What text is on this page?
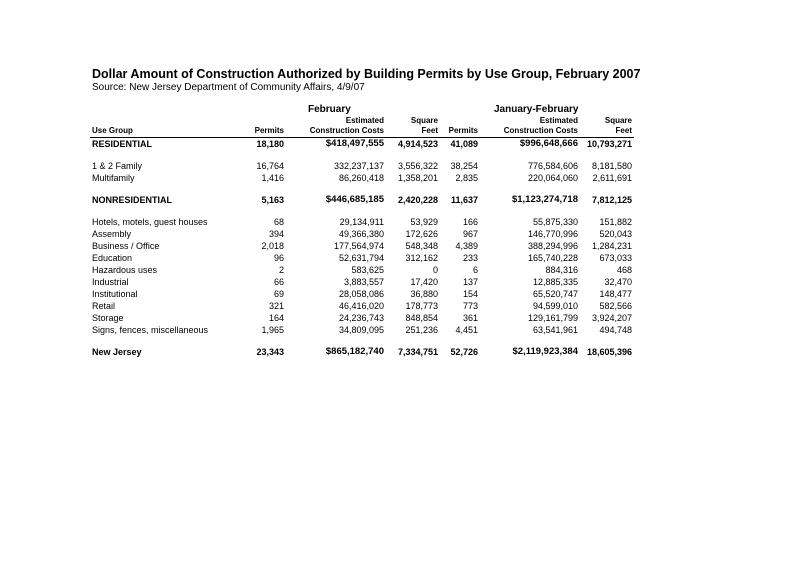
Dollar Amount of Construction Authorized by Building Permits by Use Group, February 2007
Source: New Jersey Department of Community Affairs, 4/9/07
February	January-February
		Estimated	Square		Estimated	Square
Use Group	Permits	Construction Costs	Feet	Permits	Construction Costs	Feet
RESIDENTIAL	18,180	$418,497,555	4,914,523	41,089	$996,648,666	10,793,271

1 & 2 Family	16,764	332,237,137	3,556,322	38,254	776,584,606	8,181,580
Multifamily	1,416	86,260,418	1,358,201	2,835	220,064,060	2,611,691

NONRESIDENTIAL	5,163	$446,685,185	2,420,228	11,637	$1,123,274,718	7,812,125

Hotels, motels, guest houses	68	29,134,911	53,929	166	55,875,330	151,882
Assembly	394	49,366,380	172,626	967	146,770,996	520,043
Business / Office	2,018	177,564,974	548,348	4,389	388,294,996	1,284,231
Education	96	52,631,794	312,162	233	165,740,228	673,033
Hazardous uses	2	583,625	0	6	884,316	468
Industrial	66	3,883,557	17,420	137	12,885,335	32,470
Institutional	69	28,058,086	36,880	154	65,520,747	148,477
Retail	321	46,416,020	178,773	773	94,599,010	582,566
Storage	164	24,236,743	848,854	361	129,161,799	3,924,207
Signs, fences, miscellaneous	1,965	34,809,095	251,236	4,451	63,541,961	494,748

New Jersey	23,343	$865,182,740	7,334,751	52,726	$2,119,923,384	18,605,396
